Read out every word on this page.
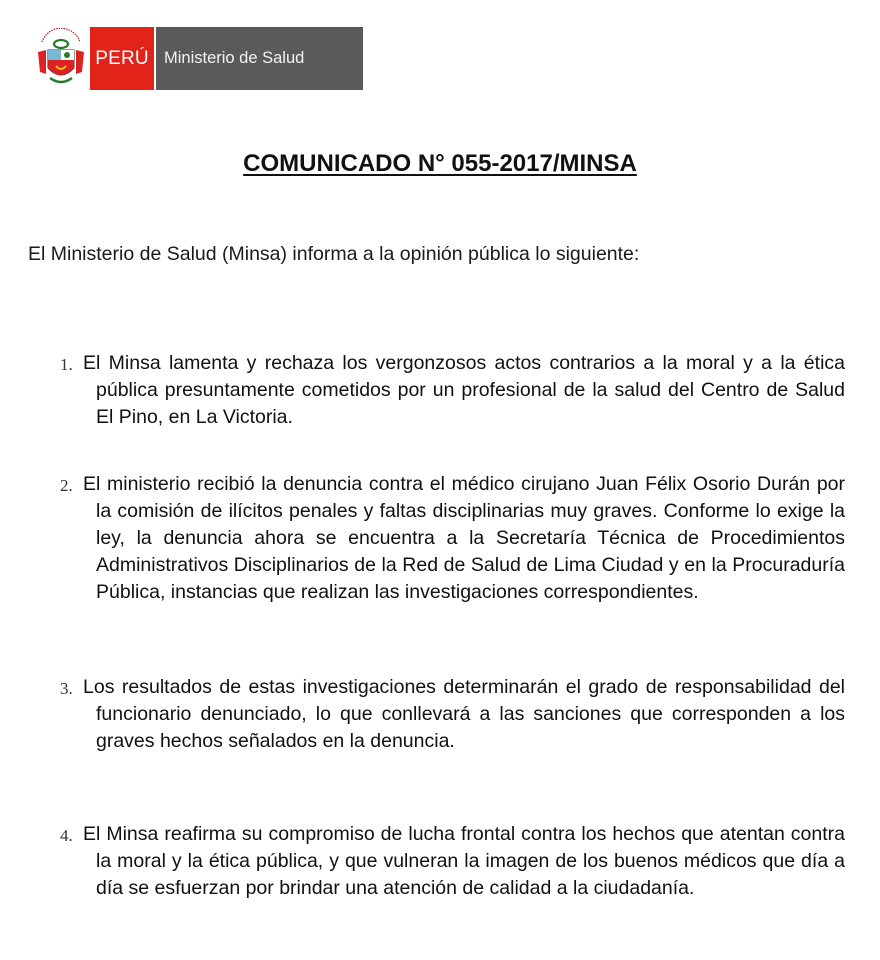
PERÚ Ministerio de Salud
COMUNICADO N° 055-2017/MINSA
El Ministerio de Salud (Minsa) informa a la opinión pública lo siguiente:
1. El Minsa lamenta y rechaza los vergonzosos actos contrarios a la moral y a la ética pública presuntamente cometidos por un profesional de la salud del Centro de Salud El Pino, en La Victoria.
2. El ministerio recibió la denuncia contra el médico cirujano Juan Félix Osorio Durán por la comisión de ilícitos penales y faltas disciplinarias muy graves. Conforme lo exige la ley, la denuncia ahora se encuentra a la Secretaría Técnica de Procedimientos Administrativos Disciplinarios de la Red de Salud de Lima Ciudad y en la Procuraduría Pública, instancias que realizan las investigaciones correspondientes.
3. Los resultados de estas investigaciones determinarán el grado de responsabilidad del funcionario denunciado, lo que conllevará a las sanciones que corresponden a los graves hechos señalados en la denuncia.
4. El Minsa reafirma su compromiso de lucha frontal contra los hechos que atentan contra la moral y la ética pública, y que vulneran la imagen de los buenos médicos que día a día se esfuerzan por brindar una atención de calidad a la ciudadanía.
